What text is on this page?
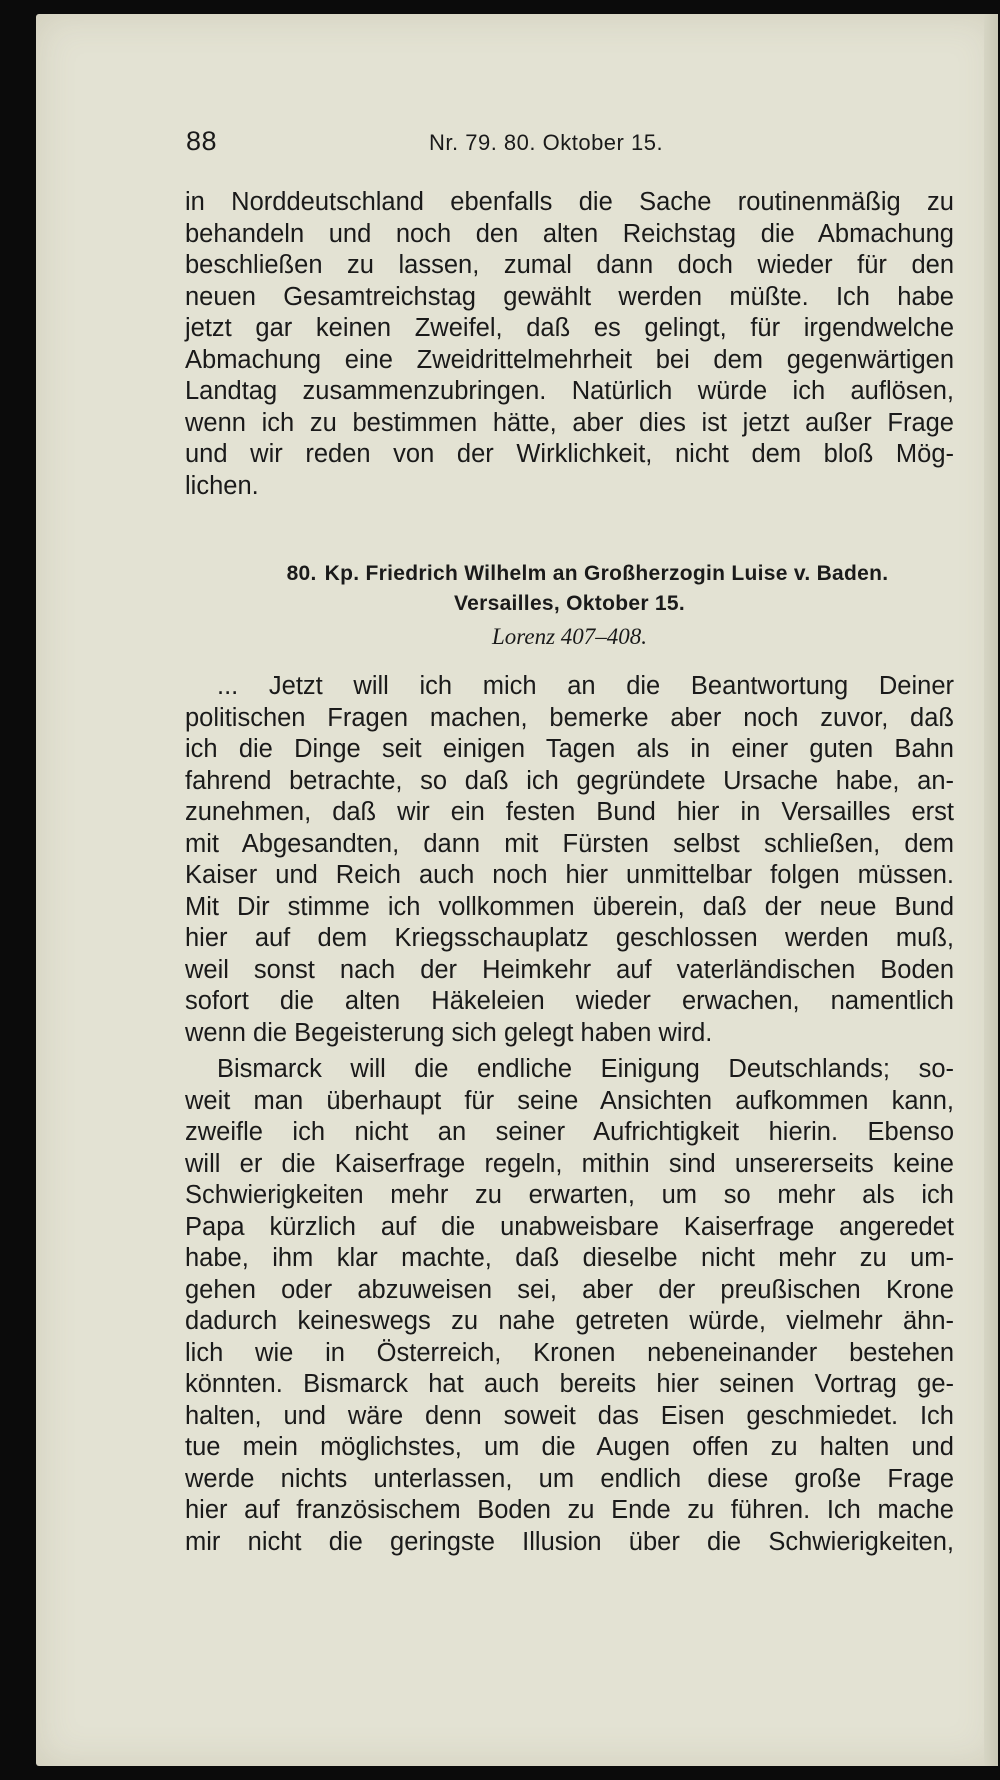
88	Nr. 79. 80. Oktober 15.
in Norddeutschland ebenfalls die Sache routinenmäßig zu
behandeln und noch den alten Reichstag die Abmachung
beschließen zu lassen, zumal dann doch wieder für den
neuen Gesamtreichstag gewählt werden müßte. Ich habe
jetzt gar keinen Zweifel, daß es gelingt, für irgendwelche
Abmachung eine Zweidrittelmehrheit bei dem gegenwärtigen
Landtag zusammenzubringen. Natürlich würde ich auflösen,
wenn ich zu bestimmen hätte, aber dies ist jetzt außer Frage
und wir reden von der Wirklichkeit, nicht dem bloß Mög-
lichen.
80. Kp. Friedrich Wilhelm an Großherzogin Luise v. Baden.
Versailles, Oktober 15.
Lorenz 407–408.
... Jetzt will ich mich an die Beantwortung Deiner
politischen Fragen machen, bemerke aber noch zuvor, daß
ich die Dinge seit einigen Tagen als in einer guten Bahn
fahrend betrachte, so daß ich gegründete Ursache habe, an-
zunehmen, daß wir ein festen Bund hier in Versailles erst
mit Abgesandten, dann mit Fürsten selbst schließen, dem
Kaiser und Reich auch noch hier unmittelbar folgen müssen.
Mit Dir stimme ich vollkommen überein, daß der neue Bund
hier auf dem Kriegsschauplatz geschlossen werden muß,
weil sonst nach der Heimkehr auf vaterländischen Boden
sofort die alten Häkeleien wieder erwachen, namentlich
wenn die Begeisterung sich gelegt haben wird.
Bismarck will die endliche Einigung Deutschlands; so-
weit man überhaupt für seine Ansichten aufkommen kann,
zweifle ich nicht an seiner Aufrichtigkeit hierin. Ebenso
will er die Kaiserfrage regeln, mithin sind unsererseits keine
Schwierigkeiten mehr zu erwarten, um so mehr als ich
Papa kürzlich auf die unabweisbare Kaiserfrage angeredet
habe, ihm klar machte, daß dieselbe nicht mehr zu um-
gehen oder abzuweisen sei, aber der preußischen Krone
dadurch keineswegs zu nahe getreten würde, vielmehr ähn-
lich wie in Österreich, Kronen nebeneinander bestehen
könnten. Bismarck hat auch bereits hier seinen Vortrag ge-
halten, und wäre denn soweit das Eisen geschmiedet. Ich
tue mein möglichstes, um die Augen offen zu halten und
werde nichts unterlassen, um endlich diese große Frage
hier auf französischem Boden zu Ende zu führen. Ich mache
mir nicht die geringste Illusion über die Schwierigkeiten,
